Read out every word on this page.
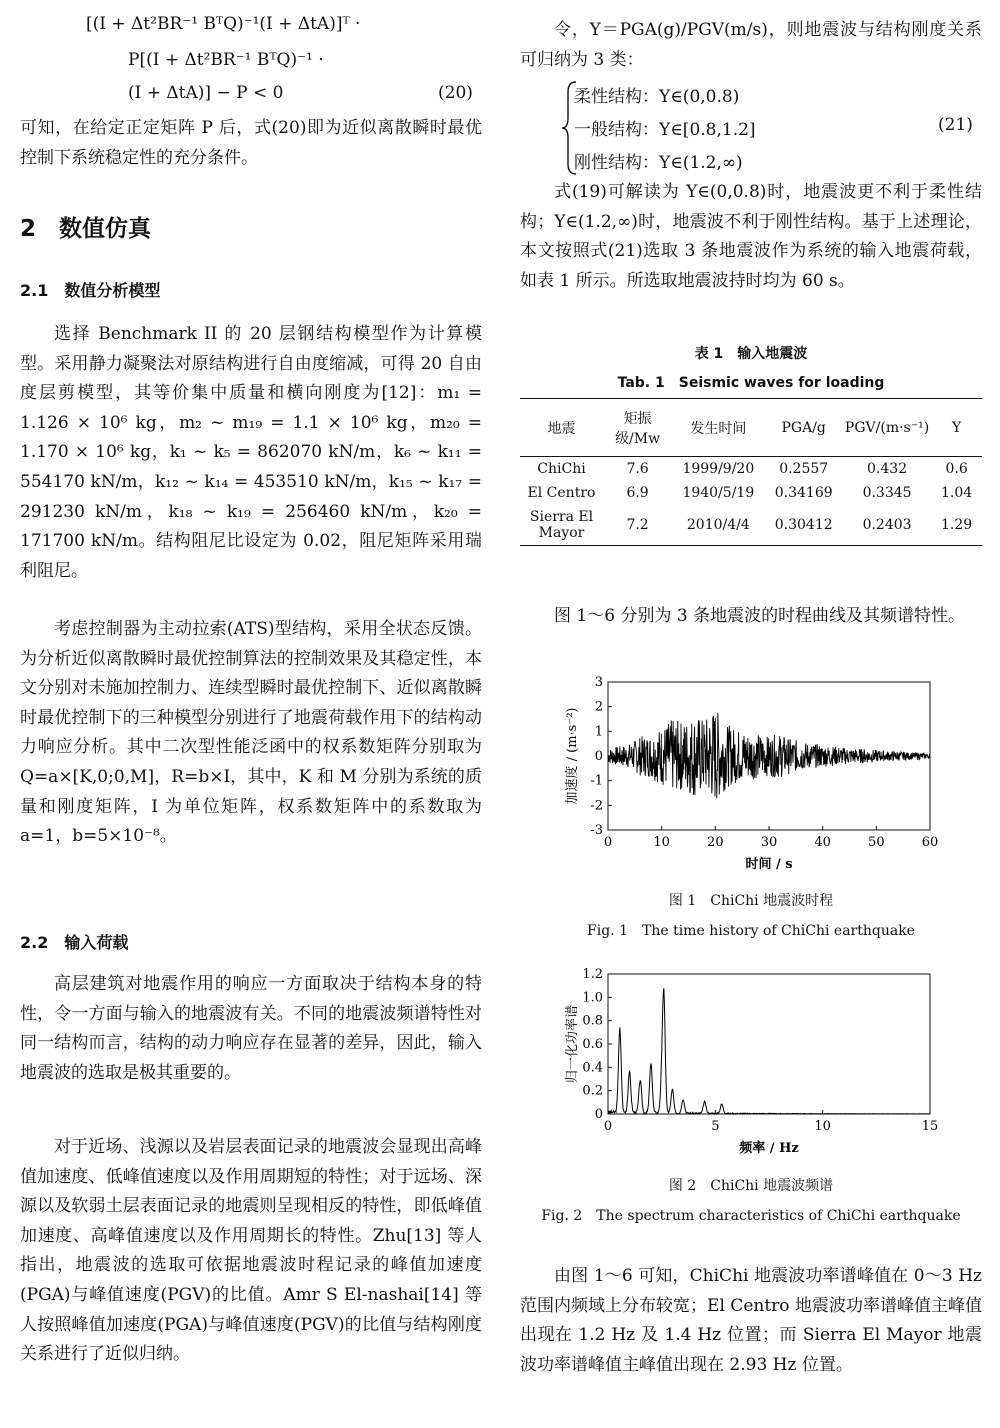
[(I + Δt²BR⁻¹ BᵀQ)⁻¹(I + ΔtA)]ᵀ ·
P[(I + Δt²BR⁻¹ BᵀQ)⁻¹ ·
(I + ΔtA)] − P < 0	(20)

可知，在给定正定矩阵 P 后，式(20)即为近似离散瞬时最优控制下系统稳定性的充分条件。

2　数值仿真
2.1　数值分析模型

选择 Benchmark II 的 20 层钢结构模型作为计算模型。采用静力凝聚法对原结构进行自由度缩减，可得 20 自由度层剪模型，其等价集中质量和横向刚度为[12]：m₁ = 1.126 × 10⁶ kg，m₂ ~ m₁₉ = 1.1 × 10⁶ kg，m₂₀ = 1.170 × 10⁶ kg，k₁ ~ k₅ = 862070 kN/m，k₆ ~ k₁₁ = 554170 kN/m，k₁₂ ~ k₁₄ = 453510 kN/m，k₁₅ ~ k₁₇ = 291230 kN/m，k₁₈ ~ k₁₉ = 256460 kN/m，k₂₀ = 171700 kN/m。结构阻尼比设定为 0.02，阻尼矩阵采用瑞利阻尼。

考虑控制器为主动拉索(ATS)型结构，采用全状态反馈。为分析近似离散瞬时最优控制算法的控制效果及其稳定性，本文分别对未施加控制力、连续型瞬时最优控制下、近似离散瞬时最优控制下的三种模型分别进行了地震荷载作用下的结构动力响应分析。其中二次型性能泛函中的权系数矩阵分别取为 Q=a×[K,0;0,M]，R=b×I，其中，K 和 M 分别为系统的质量和刚度矩阵，I 为单位矩阵，权系数矩阵中的系数取为 a=1，b=5×10⁻⁸。

2.2　输入荷载

高层建筑对地震作用的响应一方面取决于结构本身的特性，令一方面与输入的地震波有关。不同的地震波频谱特性对同一结构而言，结构的动力响应存在显著的差异，因此，输入地震波的选取是极其重要的。

对于近场、浅源以及岩层表面记录的地震波会显现出高峰值加速度、低峰值速度以及作用周期短的特性；对于远场、深源以及软弱土层表面记录的地震则呈现相反的特性，即低峰值加速度、高峰值速度以及作用周期长的特性。Zhu[13] 等人指出，地震波的选取可依据地震波时程记录的峰值加速度(PGA)与峰值速度(PGV)的比值。Amr S El-nashai[14] 等人按照峰值加速度(PGA)与峰值速度(PGV)的比值与结构刚度关系进行了近似归纳。

令，Y＝PGA(g)/PGV(m/s)，则地震波与结构刚度关系可归纳为 3 类：

柔性结构：Y∈(0,0.8)
一般结构：Y∈[0.8,1.2]
刚性结构：Y∈(1.2,∞)
(21)

式(19)可解读为 Y∈(0,0.8)时，地震波更不利于柔性结构；Y∈(1.2,∞)时，地震波不利于刚性结构。基于上述理论，本文按照式(21)选取 3 条地震波作为系统的输入地震荷载，如表 1 所示。所选取地震波持时均为 60 s。

表 1　输入地震波
Tab. 1　Seismic waves for loading
地震	矩振级/Mw	发生时间	PGA/g	PGV/(m·s⁻¹)	Y
ChiChi	7.6	1999/9/20	0.2557	0.432	0.6
El Centro	6.9	1940/5/19	0.34169	0.3345	1.04
Sierra El Mayor	7.2	2010/4/4	0.30412	0.2403	1.29

图 1～6 分别为 3 条地震波的时程曲线及其频谱特性。

0	10	20	30	40	50	60
-3
-2
-1
0
1
2
3
时间 / s
加速度 / (m·s⁻²)
图 1　ChiChi 地震波时程
Fig. 1　The time history of ChiChi earthquake
0	5	10	15
0
0.2
0.4
0.6
0.8
1.0
1.2
频率 / Hz
归一化功率谱
图 2　ChiChi 地震波频谱
Fig. 2　The spectrum characteristics of ChiChi earthquake

由图 1～6 可知，ChiChi 地震波功率谱峰值在 0～3 Hz 范围内频域上分布较宽；El Centro 地震波功率谱峰值主峰值出现在 1.2 Hz 及 1.4 Hz 位置；而 Sierra El Mayor 地震波功率谱峰值主峰值出现在 2.93 Hz 位置。
